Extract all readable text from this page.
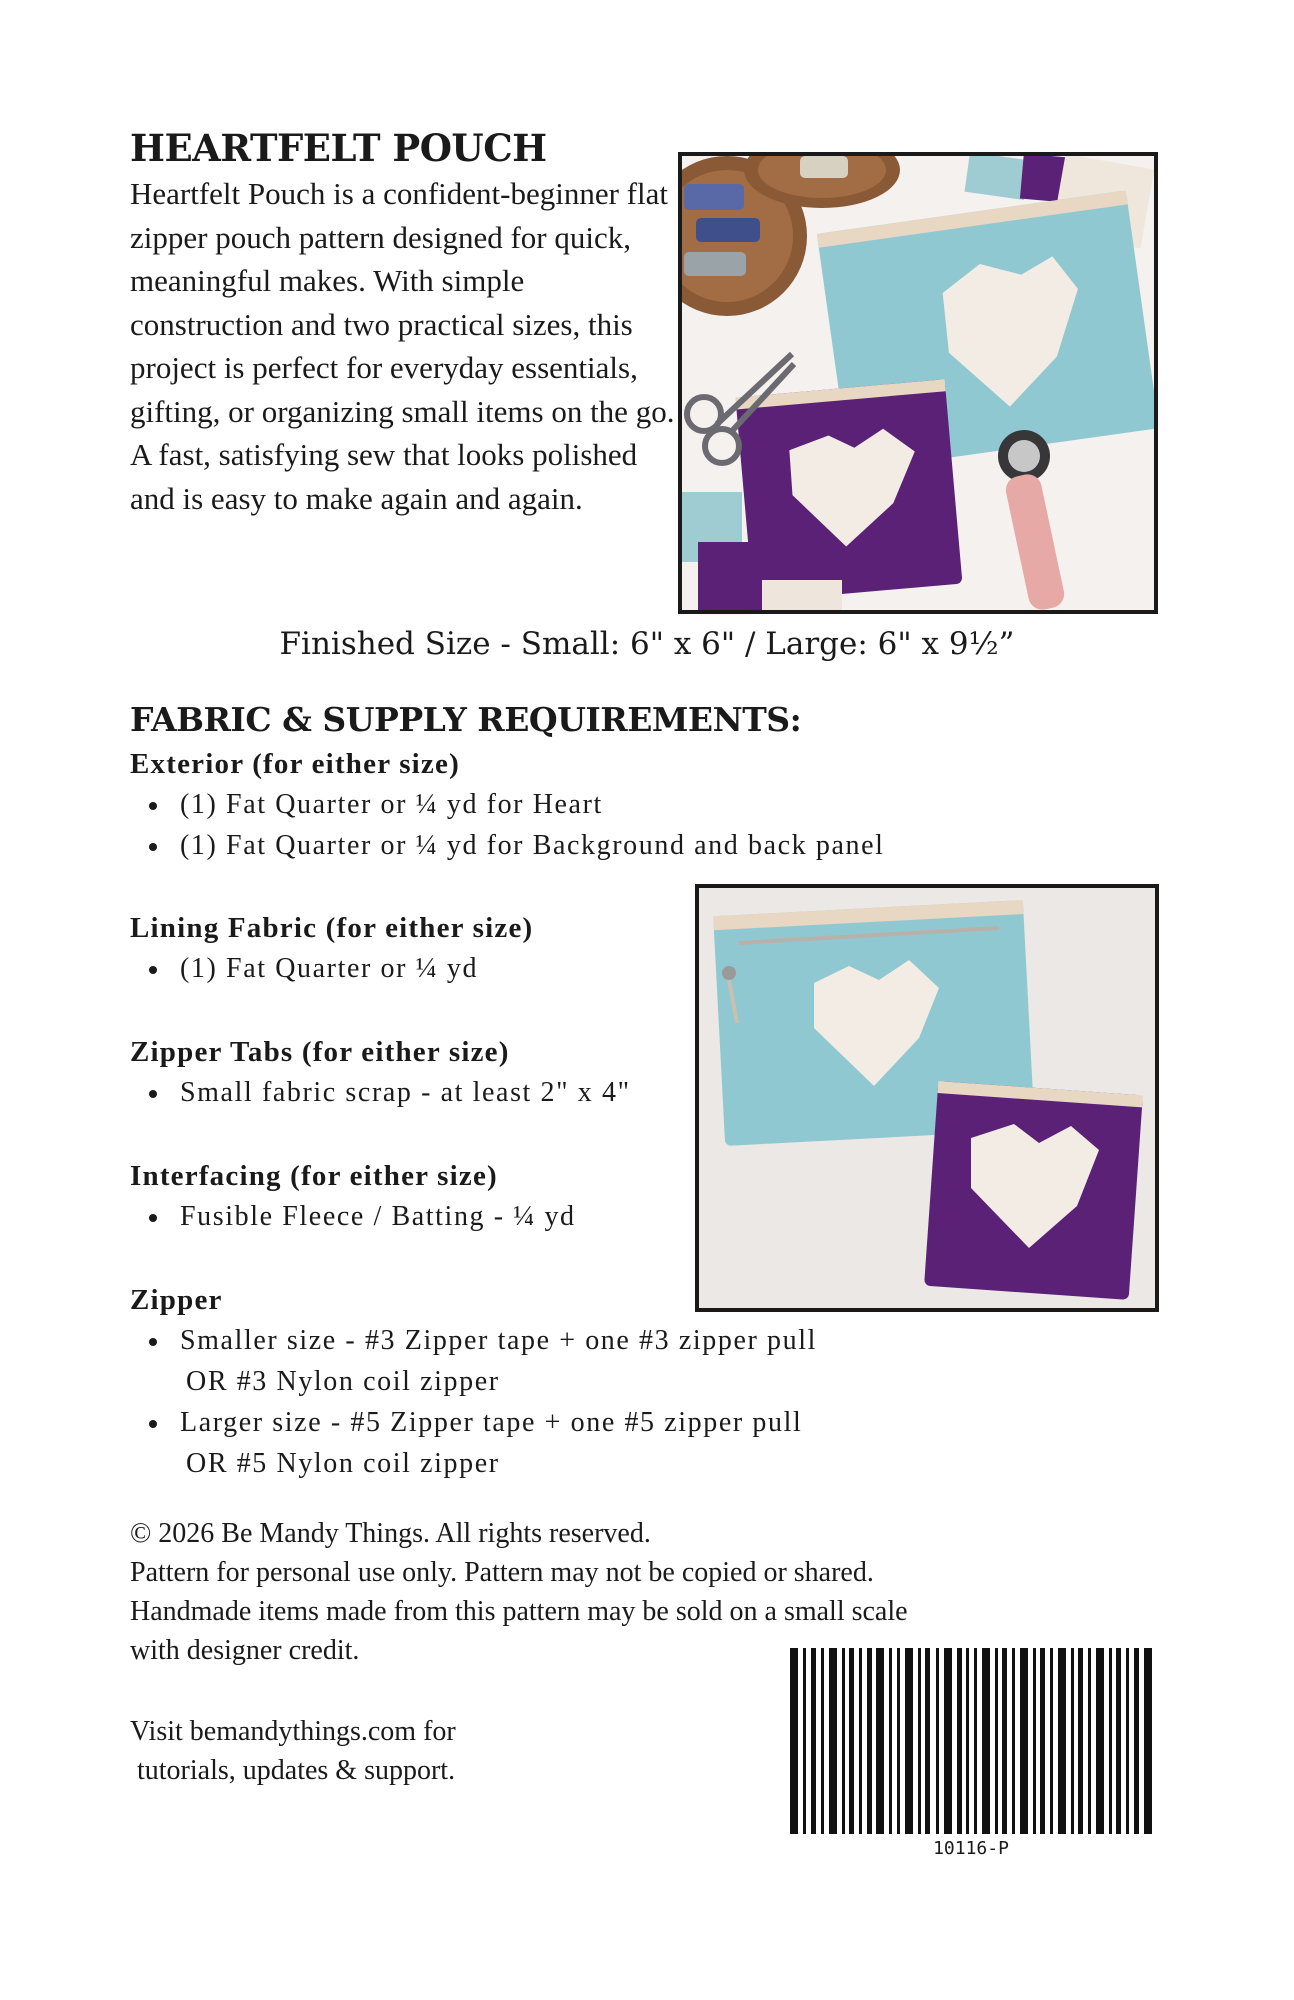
HEARTFELT POUCH

Heartfelt Pouch is a confident-beginner flat zipper pouch pattern designed for quick, meaningful makes. With simple construction and two practical sizes, this project is perfect for everyday essentials, gifting, or organizing small items on the go.

A fast, satisfying sew that looks polished and is easy to make again and again.

Finished Size - Small: 6" x 6" / Large: 6" x 9½”

FABRIC & SUPPLY REQUIREMENTS:
Exterior (for either size)
(1) Fat Quarter or ¼ yd for Heart
(1) Fat Quarter or ¼ yd for Background and back panel
Lining Fabric (for either size)
(1) Fat Quarter or ¼ yd
Zipper Tabs (for either size)
Small fabric scrap - at least 2" x 4"
Interfacing (for either size)
Fusible Fleece / Batting - ¼ yd
Zipper
Smaller size - #3 Zipper tape + one #3 zipper pull
OR #3 Nylon coil zipper
Larger size - #5 Zipper tape + one #5 zipper pull
OR #5 Nylon coil zipper

© 2026 Be Mandy Things. All rights reserved.

Pattern for personal use only. Pattern may not be copied or shared.

Handmade items made from this pattern may be sold on a small scale

with designer credit.

Visit bemandythings.com for

tutorials, updates & support.

10116-P
